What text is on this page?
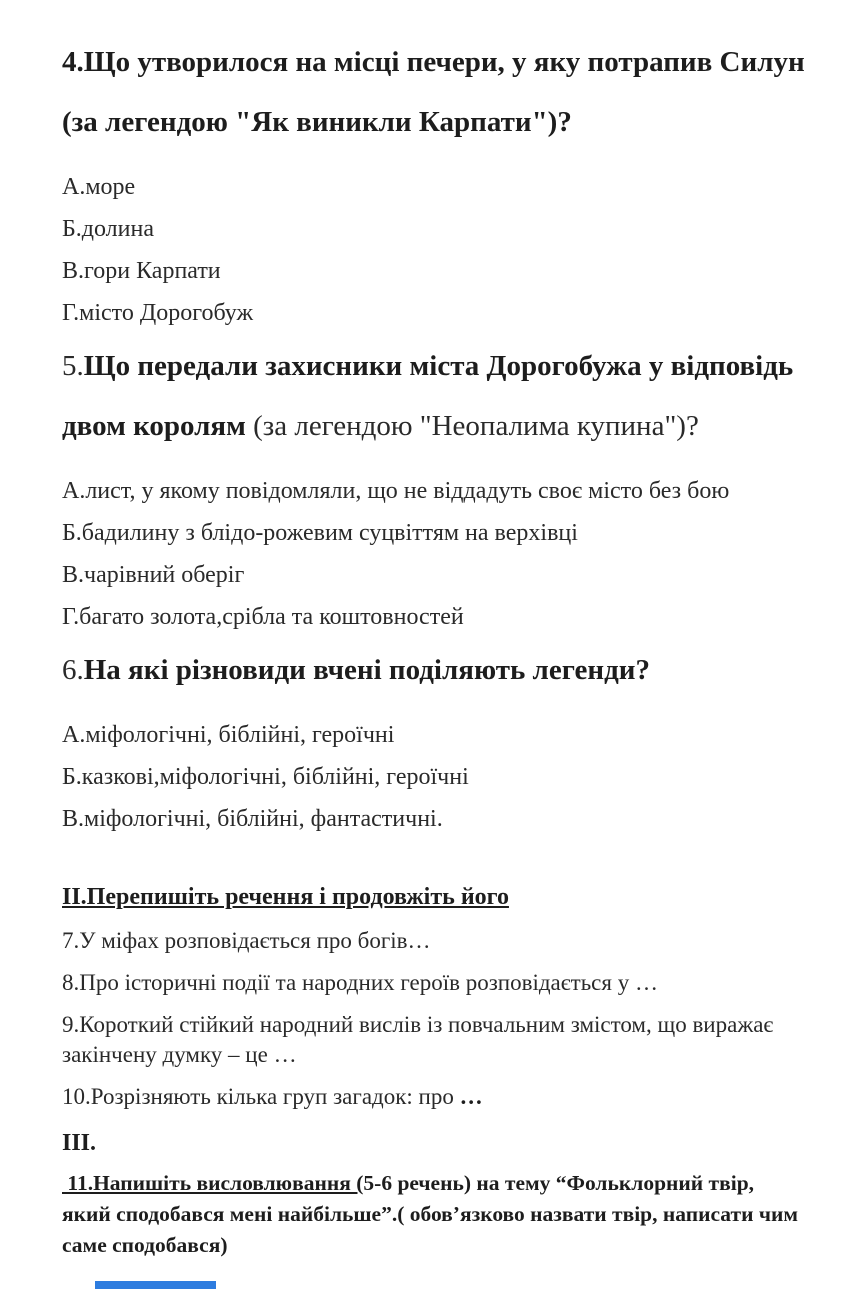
4.Що утворилося на місці печери, у яку потрапив Силун (за легендою "Як виникли Карпати")?

А.море

Б.долина

В.гори Карпати

Г.місто Дорогобуж

5.Що передали захисники міста Дорогобужа у відповідь двом королям (за легендою "Неопалима купина")?

А.лист, у якому повідомляли, що не віддадуть своє місто без бою

Б.бадилину з блідо-рожевим суцвіттям на верхівці

В.чарівний оберіг

Г.багато золота,срібла та коштовностей

6.На які різновиди вчені поділяють легенди?

А.міфологічні, біблійні, героїчні

Б.казкові,міфологічні, біблійні, героїчні

В.міфологічні, біблійні, фантастичні.

ІІ.Перепишіть речення і продовжіть його

7.У міфах розповідається про богів…

8.Про історичні події та народних героїв розповідається у …

9.Короткий стійкий народний вислів із повчальним змістом, що виражає закінчену думку – це …

10.Розрізняють кілька груп загадок: про …

ІІІ.

11.Напишіть висловлювання (5-6 речень) на тему “Фольклорний твір, який сподобався мені найбільше”.( обов’язково назвати твір, написати чим саме сподобався)
